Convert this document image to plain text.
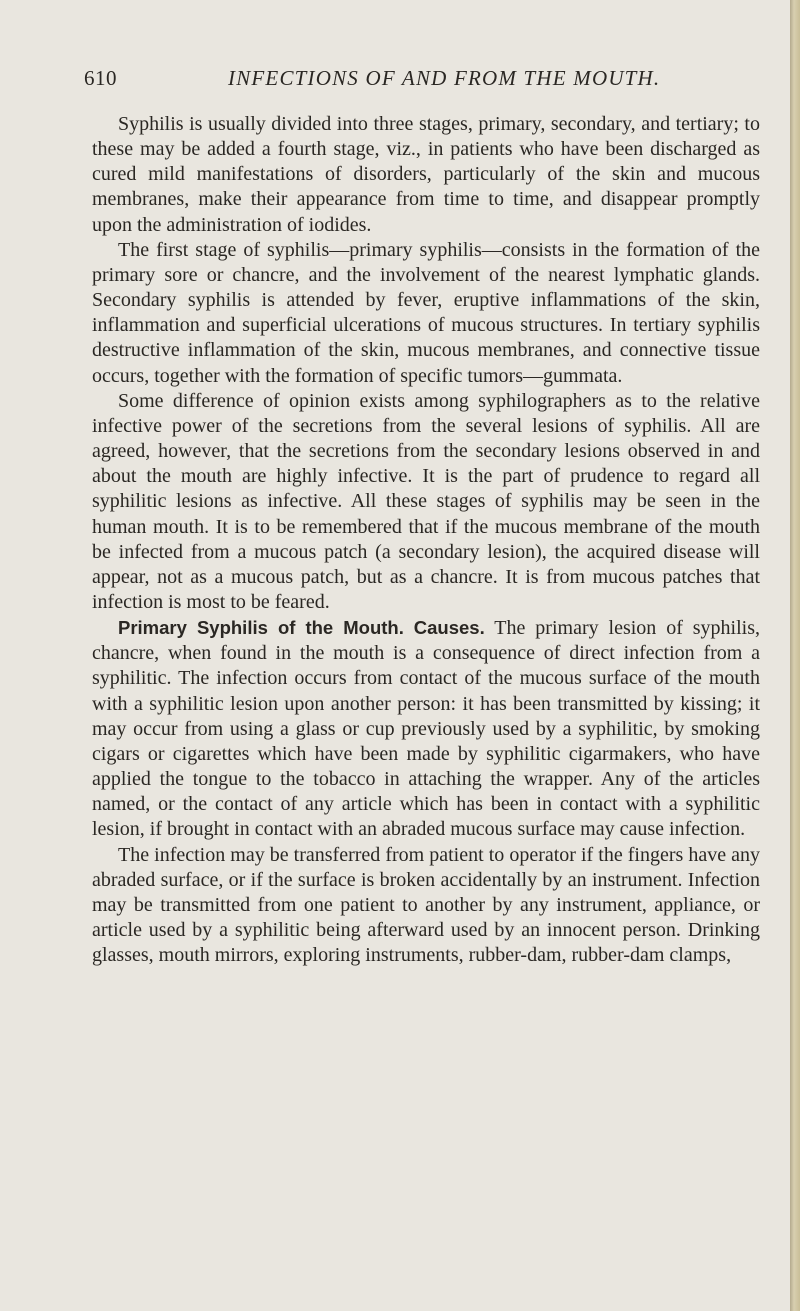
610	INFECTIONS OF AND FROM THE MOUTH.

Syphilis is usually divided into three stages, primary, secondary, and tertiary; to these may be added a fourth stage, viz., in patients who have been discharged as cured mild manifestations of disorders, particularly of the skin and mucous membranes, make their appearance from time to time, and disappear promptly upon the administration of iodides.

The first stage of syphilis—primary syphilis—consists in the formation of the primary sore or chancre, and the involvement of the nearest lymphatic glands. Secondary syphilis is attended by fever, eruptive inflammations of the skin, inflammation and superficial ulcerations of mucous structures. In tertiary syphilis destructive inflammation of the skin, mucous membranes, and connective tissue occurs, together with the formation of specific tumors—gummata.

Some difference of opinion exists among syphilographers as to the relative infective power of the secretions from the several lesions of syphilis. All are agreed, however, that the secretions from the secondary lesions observed in and about the mouth are highly infective. It is the part of prudence to regard all syphilitic lesions as infective. All these stages of syphilis may be seen in the human mouth. It is to be remembered that if the mucous membrane of the mouth be infected from a mucous patch (a secondary lesion), the acquired disease will appear, not as a mucous patch, but as a chancre. It is from mucous patches that infection is most to be feared.

Primary Syphilis of the Mouth. Causes. The primary lesion of syphilis, chancre, when found in the mouth is a consequence of direct infection from a syphilitic. The infection occurs from contact of the mucous surface of the mouth with a syphilitic lesion upon another person: it has been transmitted by kissing; it may occur from using a glass or cup previously used by a syphilitic, by smoking cigars or cigarettes which have been made by syphilitic cigarmakers, who have applied the tongue to the tobacco in attaching the wrapper. Any of the articles named, or the contact of any article which has been in contact with a syphilitic lesion, if brought in contact with an abraded mucous surface may cause infection.

The infection may be transferred from patient to operator if the fingers have any abraded surface, or if the surface is broken accidentally by an instrument. Infection may be transmitted from one patient to another by any instrument, appliance, or article used by a syphilitic being afterward used by an innocent person. Drinking glasses, mouth mirrors, exploring instruments, rubber-dam, rubber-dam clamps,
